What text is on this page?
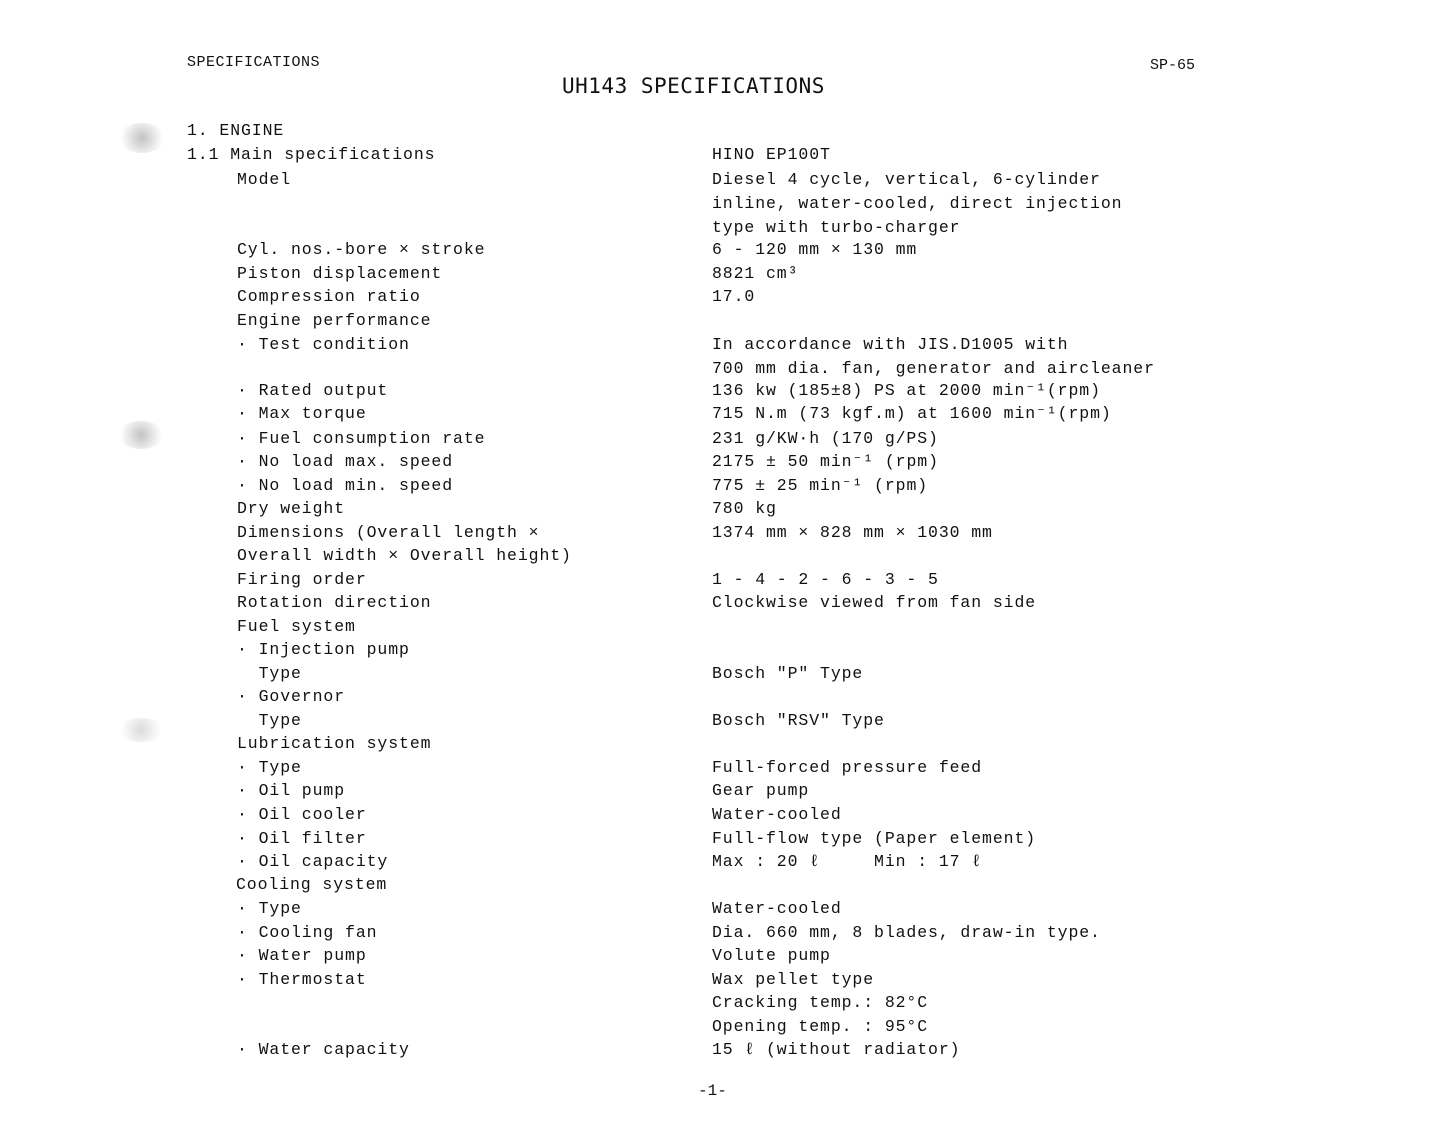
SPECIFICATIONS	SP-65
UH143 SPECIFICATIONS
1. ENGINE
1.1 Main specifications	HINO EP100T
Model	Diesel 4 cycle, vertical, 6-cylinder
inline, water-cooled, direct injection
type with turbo-charger
Cyl. nos.-bore × stroke	6 - 120 mm × 130 mm
Piston displacement	8821 cm³
Compression ratio	17.0
Engine performance
· Test condition	In accordance with JIS.D1005 with
700 mm dia. fan, generator and aircleaner
· Rated output	136 kw (185±8) PS at 2000 min⁻¹(rpm)
· Max torque	715 N.m (73 kgf.m) at 1600 min⁻¹(rpm)
· Fuel consumption rate	231 g/KW·h (170 g/PS)
· No load max. speed	2175 ± 50 min⁻¹ (rpm)
· No load min. speed	775 ± 25 min⁻¹ (rpm)
Dry weight	780 kg
Dimensions (Overall length ×	1374 mm × 828 mm × 1030 mm
Overall width × Overall height)
Firing order	1 - 4 - 2 - 6 - 3 - 5
Rotation direction	Clockwise viewed from fan side
Fuel system
· Injection pump
Type	Bosch "P" Type
· Governor
Type	Bosch "RSV" Type
Lubrication system
· Type	Full-forced pressure feed
· Oil pump	Gear pump
· Oil cooler	Water-cooled
· Oil filter	Full-flow type (Paper element)
· Oil capacity	Max : 20 ℓ     Min : 17 ℓ
Cooling system
· Type	Water-cooled
· Cooling fan	Dia. 660 mm, 8 blades, draw-in type.
· Water pump	Volute pump
· Thermostat	Wax pellet type
Cracking temp.: 82°C
Opening temp. : 95°C
· Water capacity	15 ℓ (without radiator)
-1-
